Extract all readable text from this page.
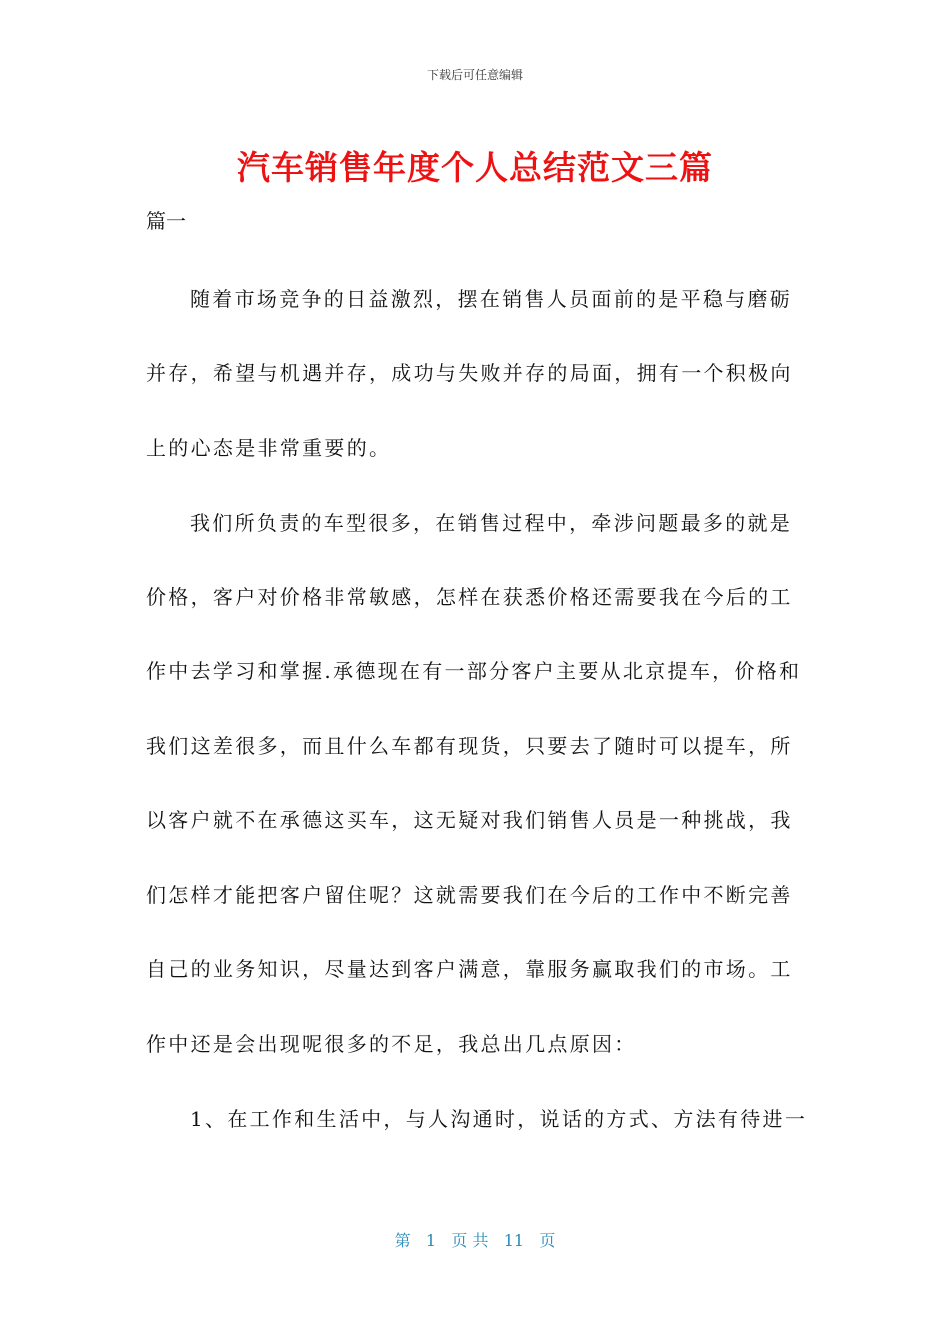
下载后可任意编辑
汽车销售年度个人总结范文三篇
篇一
随着市场竞争的日益激烈，摆在销售人员面前的是平稳与磨砺
并存，希望与机遇并存，成功与失败并存的局面，拥有一个积极向
上的心态是非常重要的。
我们所负责的车型很多，在销售过程中，牵涉问题最多的就是
价格，客户对价格非常敏感，怎样在获悉价格还需要我在今后的工
作中去学习和掌握.承德现在有一部分客户主要从北京提车，价格和
我们这差很多，而且什么车都有现货，只要去了随时可以提车，所
以客户就不在承德这买车，这无疑对我们销售人员是一种挑战，我
们怎样才能把客户留住呢？这就需要我们在今后的工作中不断完善
自己的业务知识，尽量达到客户满意，靠服务赢取我们的市场。工
作中还是会出现呢很多的不足，我总出几点原因：
1、在工作和生活中，与人沟通时，说话的方式、方法有待进一
第   1   页 共   11   页
